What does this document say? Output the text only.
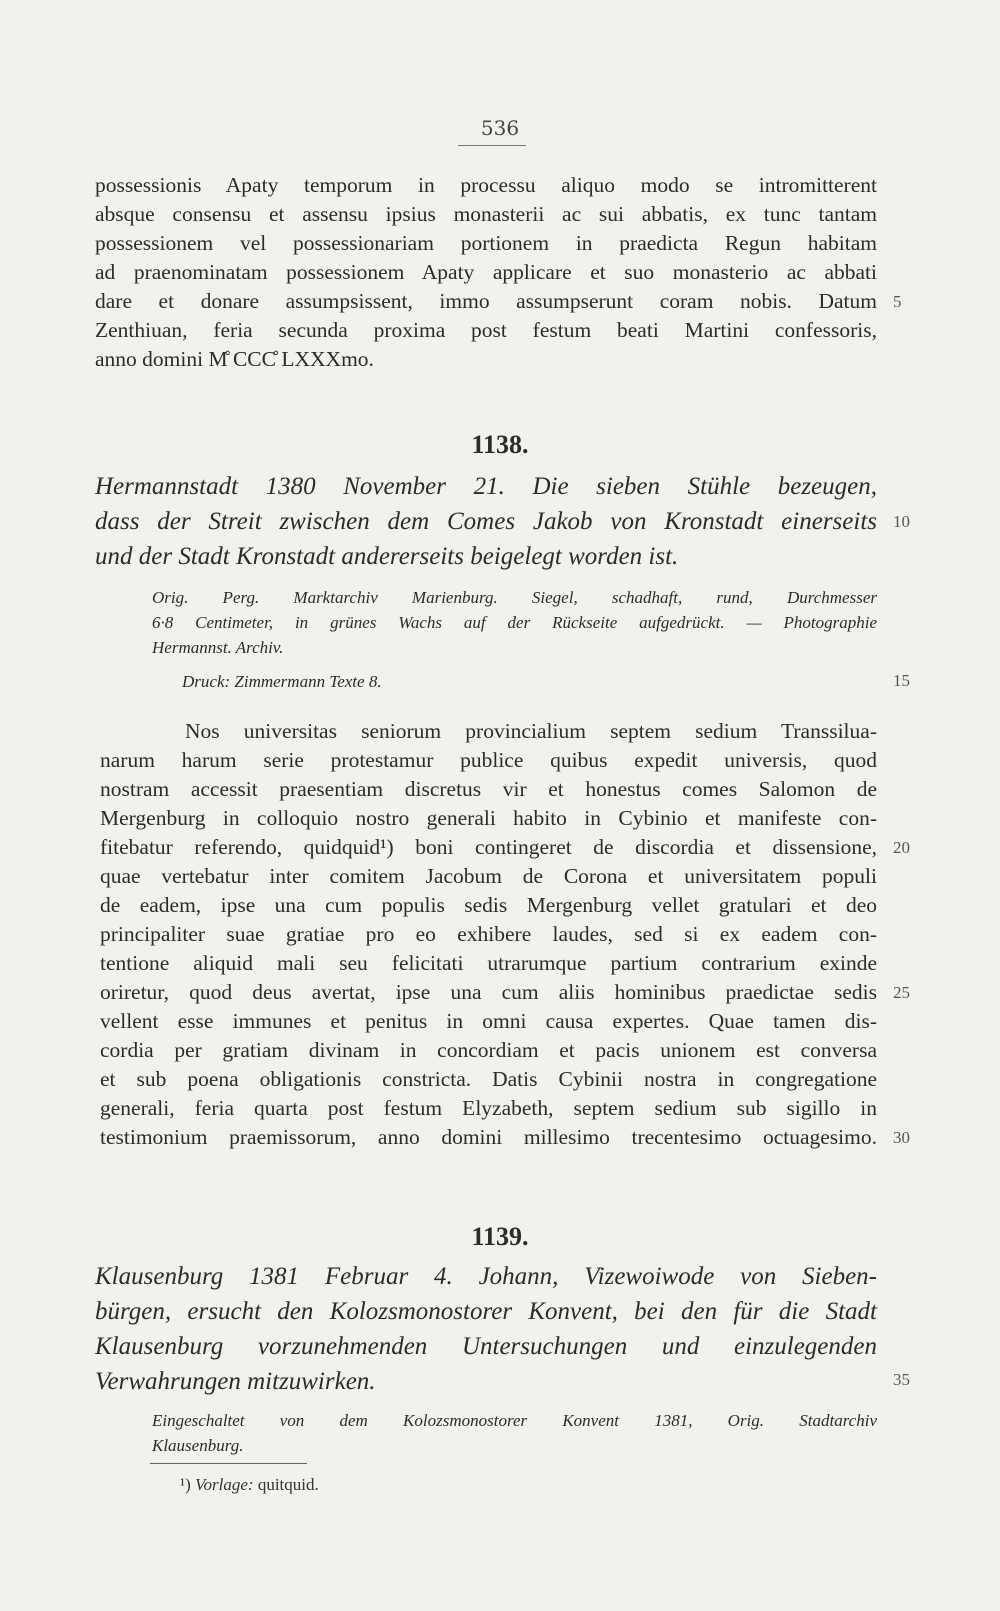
536
possessionis Apaty temporum in processu aliquo modo se intromitterent
absque consensu et assensu ipsius monasterii ac sui abbatis, ex tunc tantam
possessionem vel possessionariam portionem in praedicta Regun habitam
ad praenominatam possessionem Apaty applicare et suo monasterio ac abbati
dare et donare assumpsissent, immo assumpserunt coram nobis. Datum
Zenthiuan, feria secunda proxima post festum beati Martini confessoris,
anno domini M̊ CCC̊ LXXXmo.
1138.
Hermannstadt 1380 November 21. Die sieben Stühle bezeugen,
dass der Streit zwischen dem Comes Jakob von Kronstadt einerseits
und der Stadt Kronstadt andererseits beigelegt worden ist.
Orig. Perg. Marktarchiv Marienburg. Siegel, schadhaft, rund, Durchmesser
6·8 Centimeter, in grünes Wachs auf der Rückseite aufgedrückt. — Photographie
Hermannst. Archiv.
Druck: Zimmermann Texte 8.
Nos universitas seniorum provincialium septem sedium Transsilua-
narum harum serie protestamur publice quibus expedit universis, quod
nostram accessit praesentiam discretus vir et honestus comes Salomon de
Mergenburg in colloquio nostro generali habito in Cybinio et manifeste con-
fitebatur referendo, quidquid¹) boni contingeret de discordia et dissensione,
quae vertebatur inter comitem Jacobum de Corona et universitatem populi
de eadem, ipse una cum populis sedis Mergenburg vellet gratulari et deo
principaliter suae gratiae pro eo exhibere laudes, sed si ex eadem con-
tentione aliquid mali seu felicitati utrarumque partium contrarium exinde
oriretur, quod deus avertat, ipse una cum aliis hominibus praedictae sedis
vellent esse immunes et penitus in omni causa expertes. Quae tamen dis-
cordia per gratiam divinam in concordiam et pacis unionem est conversa
et sub poena obligationis constricta. Datis Cybinii nostra in congregatione
generali, feria quarta post festum Elyzabeth, septem sedium sub sigillo in
testimonium praemissorum, anno domini millesimo trecentesimo octuagesimo.
1139.
Klausenburg 1381 Februar 4. Johann, Vizewoiwode von Sieben-
bürgen, ersucht den Kolozsmonostorer Konvent, bei den für die Stadt
Klausenburg vorzunehmenden Untersuchungen und einzulegenden
Verwahrungen mitzuwirken.
Eingeschaltet von dem Kolozsmonostorer Konvent 1381, Orig. Stadtarchiv
Klausenburg.
5
10
15
20
25
30
35
¹) Vorlage: quitquid.
